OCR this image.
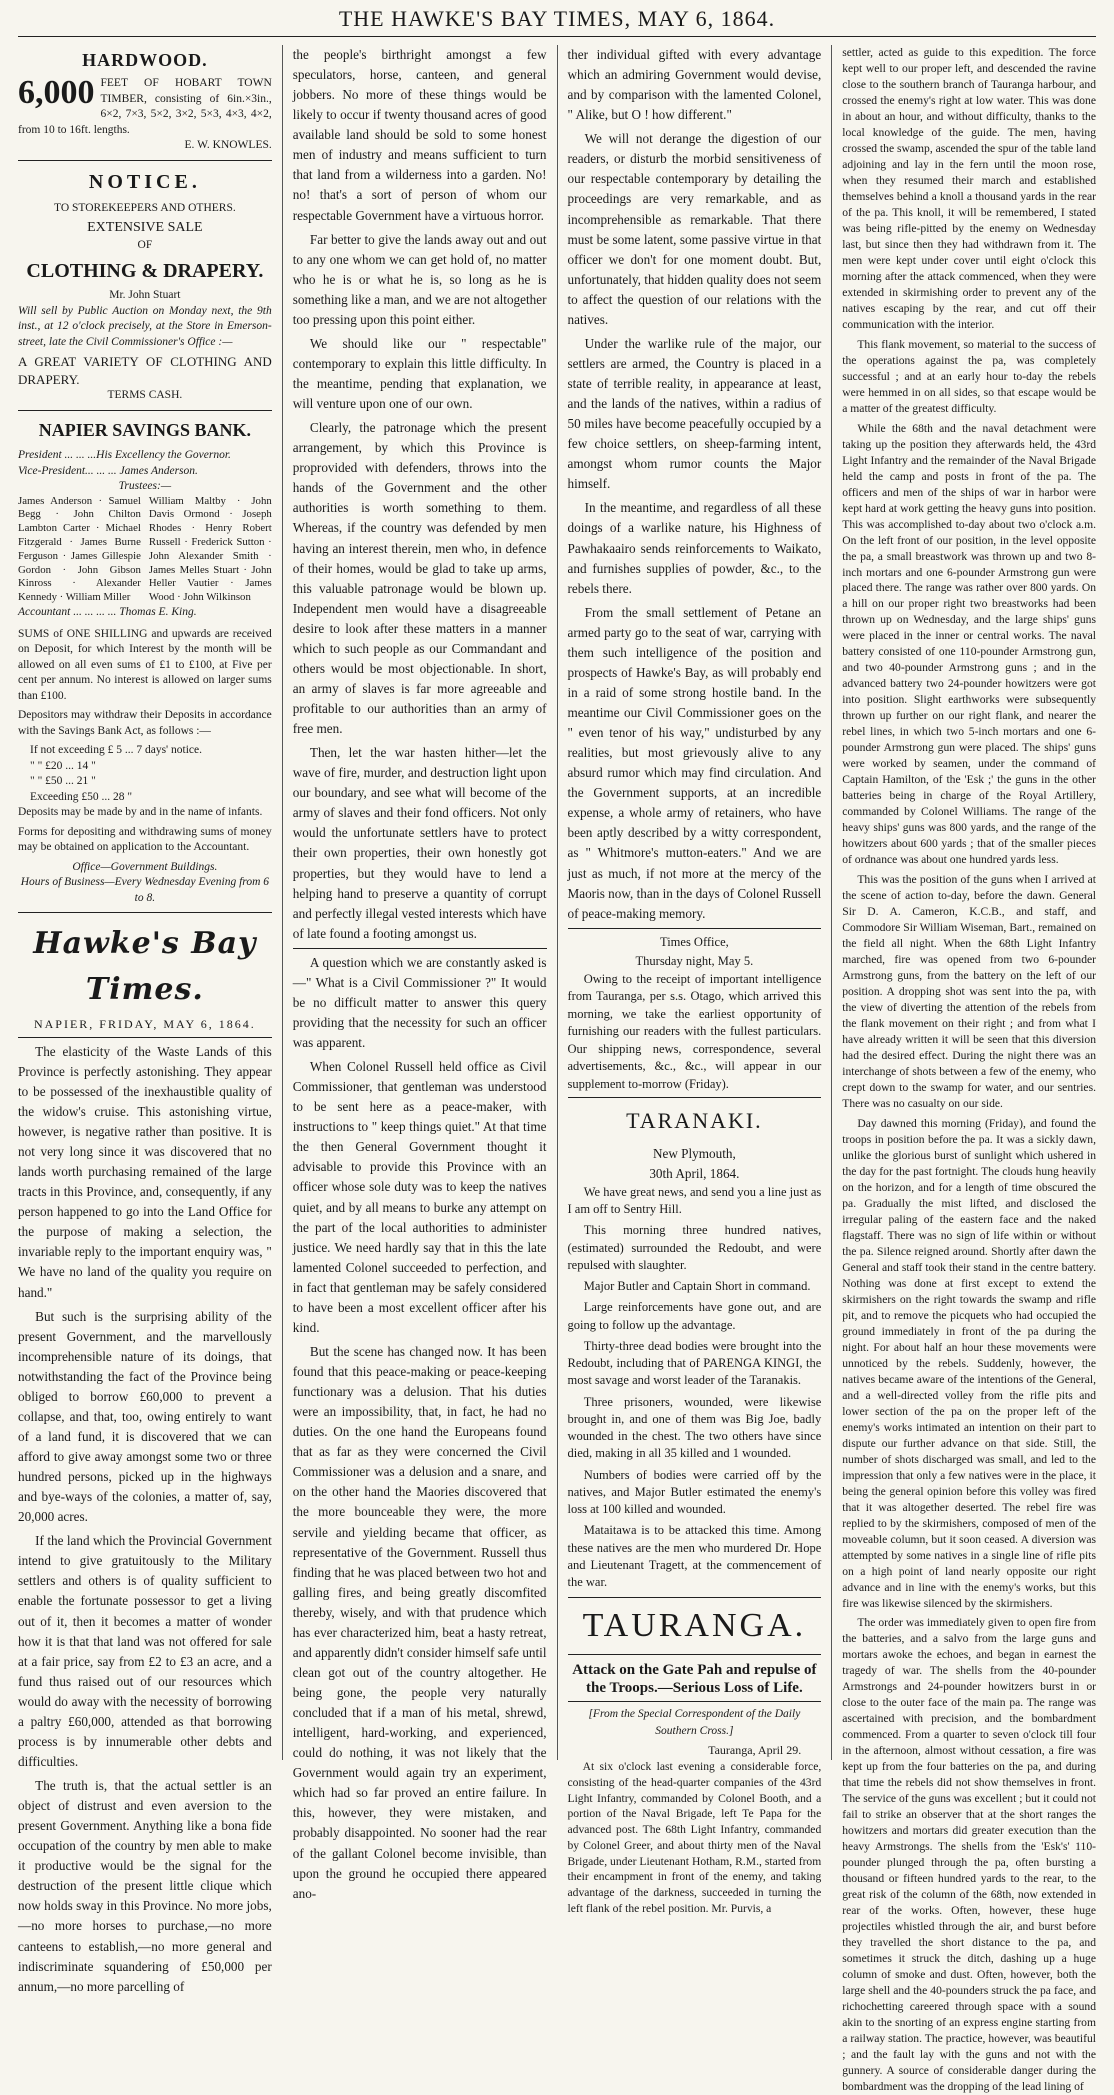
THE HAWKE'S BAY TIMES, MAY 6, 1864.
HARDWOOD.
6,000 FEET OF HOBART TOWN TIMBER, consisting of 6in.×3in., 6×2, 7×3, 5×2, 3×2, 5×3, 4×3, 4×2, from 10 to 16ft. lengths.
E. W. KNOWLES.
NOTICE.
TO STOREKEEPERS AND OTHERS.
EXTENSIVE SALE
OF
CLOTHING & DRAPERY.
Mr. John Stuart
Will sell by Public Auction on Monday next, the 9th inst., at 12 o'clock precisely, at the Store in Emerson-street, late the Civil Commissioner's Office :—
A GREAT VARIETY OF CLOTHING AND DRAPERY.
TERMS CASH.
NAPIER SAVINGS BANK.
President ... ... ...His Excellency the Governor.
Vice-President... ... ... James Anderson.
Trustees:—
James Anderson · Samuel Begg · John Chilton Lambton Carter · Michael Fitzgerald · James Burne Ferguson · James Gillespie Gordon · John Gibson Kinross · Alexander Kennedy · William Miller
William Maltby · John Davis Ormond · Joseph Rhodes · Henry Robert Russell · Frederick Sutton · John Alexander Smith · James Melles Stuart · John Heller Vautier · James Wood · John Wilkinson
Accountant ... ... ... ... Thomas E. King.

SUMS of ONE SHILLING and upwards are received on Deposit, for which Interest by the month will be allowed on all even sums of £1 to £100, at Five per cent per annum. No interest is allowed on larger sums than £100.

Depositors may withdraw their Deposits in accordance with the Savings Bank Act, as follows :—

If not exceeding £ 5 ... 7 days' notice.
" " £20 ... 14 "
" " £50 ... 21 "
Exceeding £50 ... 28 "

Deposits may be made by and in the name of infants.

Forms for depositing and withdrawing sums of money may be obtained on application to the Accountant.

Office—Government Buildings.
Hours of Business—Every Wednesday Evening from 6 to 8.
Hawke's Bay Times.
NAPIER, FRIDAY, MAY 6, 1864.

The elasticity of the Waste Lands of this Province is perfectly astonishing. They appear to be possessed of the inexhaustible quality of the widow's cruise. This astonishing virtue, however, is negative rather than positive. It is not very long since it was discovered that no lands worth purchasing remained of the large tracts in this Province, and, consequently, if any person happened to go into the Land Office for the purpose of making a selection, the invariable reply to the important enquiry was, " We have no land of the quality you require on hand."

But such is the surprising ability of the present Government, and the marvellously incomprehensible nature of its doings, that notwithstanding the fact of the Province being obliged to borrow £60,000 to prevent a collapse, and that, too, owing entirely to want of a land fund, it is discovered that we can afford to give away amongst some two or three hundred persons, picked up in the highways and bye-ways of the colonies, a matter of, say, 20,000 acres.

If the land which the Provincial Government intend to give gratuitously to the Military settlers and others is of quality sufficient to enable the fortunate possessor to get a living out of it, then it becomes a matter of wonder how it is that that land was not offered for sale at a fair price, say from £2 to £3 an acre, and a fund thus raised out of our resources which would do away with the necessity of borrowing a paltry £60,000, attended as that borrowing process is by innumerable other debts and difficulties.

The truth is, that the actual settler is an object of distrust and even aversion to the present Government. Anything like a bona fide occupation of the country by men able to make it productive would be the signal for the destruction of the present little clique which now holds sway in this Province. No more jobs,—no more horses to purchase,—no more canteens to establish,—no more general and indiscriminate squandering of £50,000 per annum,—no more parcelling of

the people's birthright amongst a few speculators, horse, canteen, and general jobbers. No more of these things would be likely to occur if twenty thousand acres of good available land should be sold to some honest men of industry and means sufficient to turn that land from a wilderness into a garden. No! no! that's a sort of person of whom our respectable Government have a virtuous horror.

Far better to give the lands away out and out to any one whom we can get hold of, no matter who he is or what he is, so long as he is something like a man, and we are not altogether too pressing upon this point either.

We should like our " respectable" contemporary to explain this little difficulty. In the meantime, pending that explanation, we will venture upon one of our own.

Clearly, the patronage which the present arrangement, by which this Province is proprovided with defenders, throws into the hands of the Government and the other authorities is worth something to them. Whereas, if the country was defended by men having an interest therein, men who, in defence of their homes, would be glad to take up arms, this valuable patronage would be blown up. Independent men would have a disagreeable desire to look after these matters in a manner which to such people as our Commandant and others would be most objectionable. In short, an army of slaves is far more agreeable and profitable to our authorities than an army of free men.

Then, let the war hasten hither—let the wave of fire, murder, and destruction light upon our boundary, and see what will become of the army of slaves and their fond officers. Not only would the unfortunate settlers have to protect their own properties, their own honestly got properties, but they would have to lend a helping hand to preserve a quantity of corrupt and perfectly illegal vested interests which have of late found a footing amongst us.

A question which we are constantly asked is—" What is a Civil Commissioner ?" It would be no difficult matter to answer this query providing that the necessity for such an officer was apparent.

When Colonel Russell held office as Civil Commissioner, that gentleman was understood to be sent here as a peace-maker, with instructions to " keep things quiet." At that time the then General Government thought it advisable to provide this Province with an officer whose sole duty was to keep the natives quiet, and by all means to burke any attempt on the part of the local authorities to administer justice. We need hardly say that in this the late lamented Colonel succeeded to perfection, and in fact that gentleman may be safely considered to have been a most excellent officer after his kind.

But the scene has changed now. It has been found that this peace-making or peace-keeping functionary was a delusion. That his duties were an impossibility, that, in fact, he had no duties. On the one hand the Europeans found that as far as they were concerned the Civil Commissioner was a delusion and a snare, and on the other hand the Maories discovered that the more bounceable they were, the more servile and yielding became that officer, as representative of the Government. Russell thus finding that he was placed between two hot and galling fires, and being greatly discomfited thereby, wisely, and with that prudence which has ever characterized him, beat a hasty retreat, and apparently didn't consider himself safe until clean got out of the country altogether. He being gone, the people very naturally concluded that if a man of his metal, shrewd, intelligent, hard-working, and experienced, could do nothing, it was not likely that the Government would again try an experiment, which had so far proved an entire failure. In this, however, they were mistaken, and probably disappointed. No sooner had the rear of the gallant Colonel become invisible, than upon the ground he occupied there appeared ano-

ther individual gifted with every advantage which an admiring Government would devise, and by comparison with the lamented Colonel, " Alike, but O ! how different."

We will not derange the digestion of our readers, or disturb the morbid sensitiveness of our respectable contemporary by detailing the proceedings are very remarkable, and as incomprehensible as remarkable. That there must be some latent, some passive virtue in that officer we don't for one moment doubt. But, unfortunately, that hidden quality does not seem to affect the question of our relations with the natives.

Under the warlike rule of the major, our settlers are armed, the Country is placed in a state of terrible reality, in appearance at least, and the lands of the natives, within a radius of 50 miles have become peacefully occupied by a few choice settlers, on sheep-farming intent, amongst whom rumor counts the Major himself.

In the meantime, and regardless of all these doings of a warlike nature, his Highness of Pawhakaairo sends reinforcements to Waikato, and furnishes supplies of powder, &c., to the rebels there.

From the small settlement of Petane an armed party go to the seat of war, carrying with them such intelligence of the position and prospects of Hawke's Bay, as will probably end in a raid of some strong hostile band. In the meantime our Civil Commissioner goes on the " even tenor of his way," undisturbed by any realities, but most grievously alive to any absurd rumor which may find circulation. And the Government supports, at an incredible expense, a whole army of retainers, who have been aptly described by a witty correspondent, as " Whitmore's mutton-eaters." And we are just as much, if not more at the mercy of the Maoris now, than in the days of Colonel Russell of peace-making memory.

Times Office,
Thursday night, May 5.

Owing to the receipt of important intelligence from Tauranga, per s.s. Otago, which arrived this morning, we take the earliest opportunity of furnishing our readers with the fullest particulars. Our shipping news, correspondence, several advertisements, &c., &c., will appear in our supplement to-morrow (Friday).

TARANAKI.
New Plymouth,
30th April, 1864.

We have great news, and send you a line just as I am off to Sentry Hill.

This morning three hundred natives, (estimated) surrounded the Redoubt, and were repulsed with slaughter.

Major Butler and Captain Short in command.

Large reinforcements have gone out, and are going to follow up the advantage.

Thirty-three dead bodies were brought into the Redoubt, including that of PARENGA KINGI, the most savage and worst leader of the Taranakis.

Three prisoners, wounded, were likewise brought in, and one of them was Big Joe, badly wounded in the chest. The two others have since died, making in all 35 killed and 1 wounded.

Numbers of bodies were carried off by the natives, and Major Butler estimated the enemy's loss at 100 killed and wounded.

Mataitawa is to be attacked this time. Among these natives are the men who murdered Dr. Hope and Lieutenant Tragett, at the commencement of the war.

TAURANGA.
Attack on the Gate Pah and repulse of the Troops.—Serious Loss of Life.
[From the Special Correspondent of the Daily Southern Cross.]
Tauranga, April 29.

At six o'clock last evening a considerable force, consisting of the head-quarter companies of the 43rd Light Infantry, commanded by Colonel Booth, and a portion of the Naval Brigade, left Te Papa for the advanced post. The 68th Light Infantry, commanded by Colonel Greer, and about thirty men of the Naval Brigade, under Lieutenant Hotham, R.M., started from their encampment in front of the enemy, and taking advantage of the darkness, succeeded in turning the left flank of the rebel position. Mr. Purvis, a

settler, acted as guide to this expedition. The force kept well to our proper left, and descended the ravine close to the southern branch of Tauranga harbour, and crossed the enemy's right at low water. This was done in about an hour, and without difficulty, thanks to the local knowledge of the guide. The men, having crossed the swamp, ascended the spur of the table land adjoining and lay in the fern until the moon rose, when they resumed their march and established themselves behind a knoll a thousand yards in the rear of the pa. This knoll, it will be remembered, I stated was being rifle-pitted by the enemy on Wednesday last, but since then they had withdrawn from it. The men were kept under cover until eight o'clock this morning after the attack commenced, when they were extended in skirmishing order to prevent any of the natives escaping by the rear, and cut off their communication with the interior.

This flank movement, so material to the success of the operations against the pa, was completely successful ; and at an early hour to-day the rebels were hemmed in on all sides, so that escape would be a matter of the greatest difficulty.

While the 68th and the naval detachment were taking up the position they afterwards held, the 43rd Light Infantry and the remainder of the Naval Brigade held the camp and posts in front of the pa. The officers and men of the ships of war in harbor were kept hard at work getting the heavy guns into position. This was accomplished to-day about two o'clock a.m. On the left front of our position, in the level opposite the pa, a small breastwork was thrown up and two 8-inch mortars and one 6-pounder Armstrong gun were placed there. The range was rather over 800 yards. On a hill on our proper right two breastworks had been thrown up on Wednesday, and the large ships' guns were placed in the inner or central works. The naval battery consisted of one 110-pounder Armstrong gun, and two 40-pounder Armstrong guns ; and in the advanced battery two 24-pounder howitzers were got into position. Slight earthworks were subsequently thrown up further on our right flank, and nearer the rebel lines, in which two 5-inch mortars and one 6-pounder Armstrong gun were placed. The ships' guns were worked by seamen, under the command of Captain Hamilton, of the 'Esk ;' the guns in the other batteries being in charge of the Royal Artillery, commanded by Colonel Williams. The range of the heavy ships' guns was 800 yards, and the range of the howitzers about 600 yards ; that of the smaller pieces of ordnance was about one hundred yards less.

This was the position of the guns when I arrived at the scene of action to-day, before the dawn. General Sir D. A. Cameron, K.C.B., and staff, and Commodore Sir William Wiseman, Bart., remained on the field all night. When the 68th Light Infantry marched, fire was opened from two 6-pounder Armstrong guns, from the battery on the left of our position. A dropping shot was sent into the pa, with the view of diverting the attention of the rebels from the flank movement on their right ; and from what I have already written it will be seen that this diversion had the desired effect. During the night there was an interchange of shots between a few of the enemy, who crept down to the swamp for water, and our sentries. There was no casualty on our side.

Day dawned this morning (Friday), and found the troops in position before the pa. It was a sickly dawn, unlike the glorious burst of sunlight which ushered in the day for the past fortnight. The clouds hung heavily on the horizon, and for a length of time obscured the pa. Gradually the mist lifted, and disclosed the irregular paling of the eastern face and the naked flagstaff. There was no sign of life within or without the pa. Silence reigned around. Shortly after dawn the General and staff took their stand in the centre battery. Nothing was done at first except to extend the skirmishers on the right towards the swamp and rifle pit, and to remove the picquets who had occupied the ground immediately in front of the pa during the night. For about half an hour these movements were unnoticed by the rebels. Suddenly, however, the natives became aware of the intentions of the General, and a well-directed volley from the rifle pits and lower section of the pa on the proper left of the enemy's works intimated an intention on their part to dispute our further advance on that side. Still, the number of shots discharged was small, and led to the impression that only a few natives were in the place, it being the general opinion before this volley was fired that it was altogether deserted. The rebel fire was replied to by the skirmishers, composed of men of the moveable column, but it soon ceased. A diversion was attempted by some natives in a single line of rifle pits on a high point of land nearly opposite our right advance and in line with the enemy's works, but this fire was likewise silenced by the skirmishers.

The order was immediately given to open fire from the batteries, and a salvo from the large guns and mortars awoke the echoes, and began in earnest the tragedy of war. The shells from the 40-pounder Armstrongs and 24-pounder howitzers burst in or close to the outer face of the main pa. The range was ascertained with precision, and the bombardment commenced. From a quarter to seven o'clock till four in the afternoon, almost without cessation, a fire was kept up from the four batteries on the pa, and during that time the rebels did not show themselves in front. The service of the guns was excellent ; but it could not fail to strike an observer that at the short ranges the howitzers and mortars did greater execution than the heavy Armstrongs. The shells from the 'Esk's' 110-pounder plunged through the pa, often bursting a thousand or fifteen hundred yards to the rear, to the great risk of the column of the 68th, now extended in rear of the works. Often, however, these huge projectiles whistled through the air, and burst before they travelled the short distance to the pa, and sometimes it struck the ditch, dashing up a huge column of smoke and dust. Often, however, both the large shell and the 40-pounders struck the pa face, and richochetting careered through space with a sound akin to the snorting of an express engine starting from a railway station. The practice, however, was beautiful ; and the fault lay with the guns and not with the gunnery. A source of considerable danger during the bombardment was the dropping of the lead lining of
